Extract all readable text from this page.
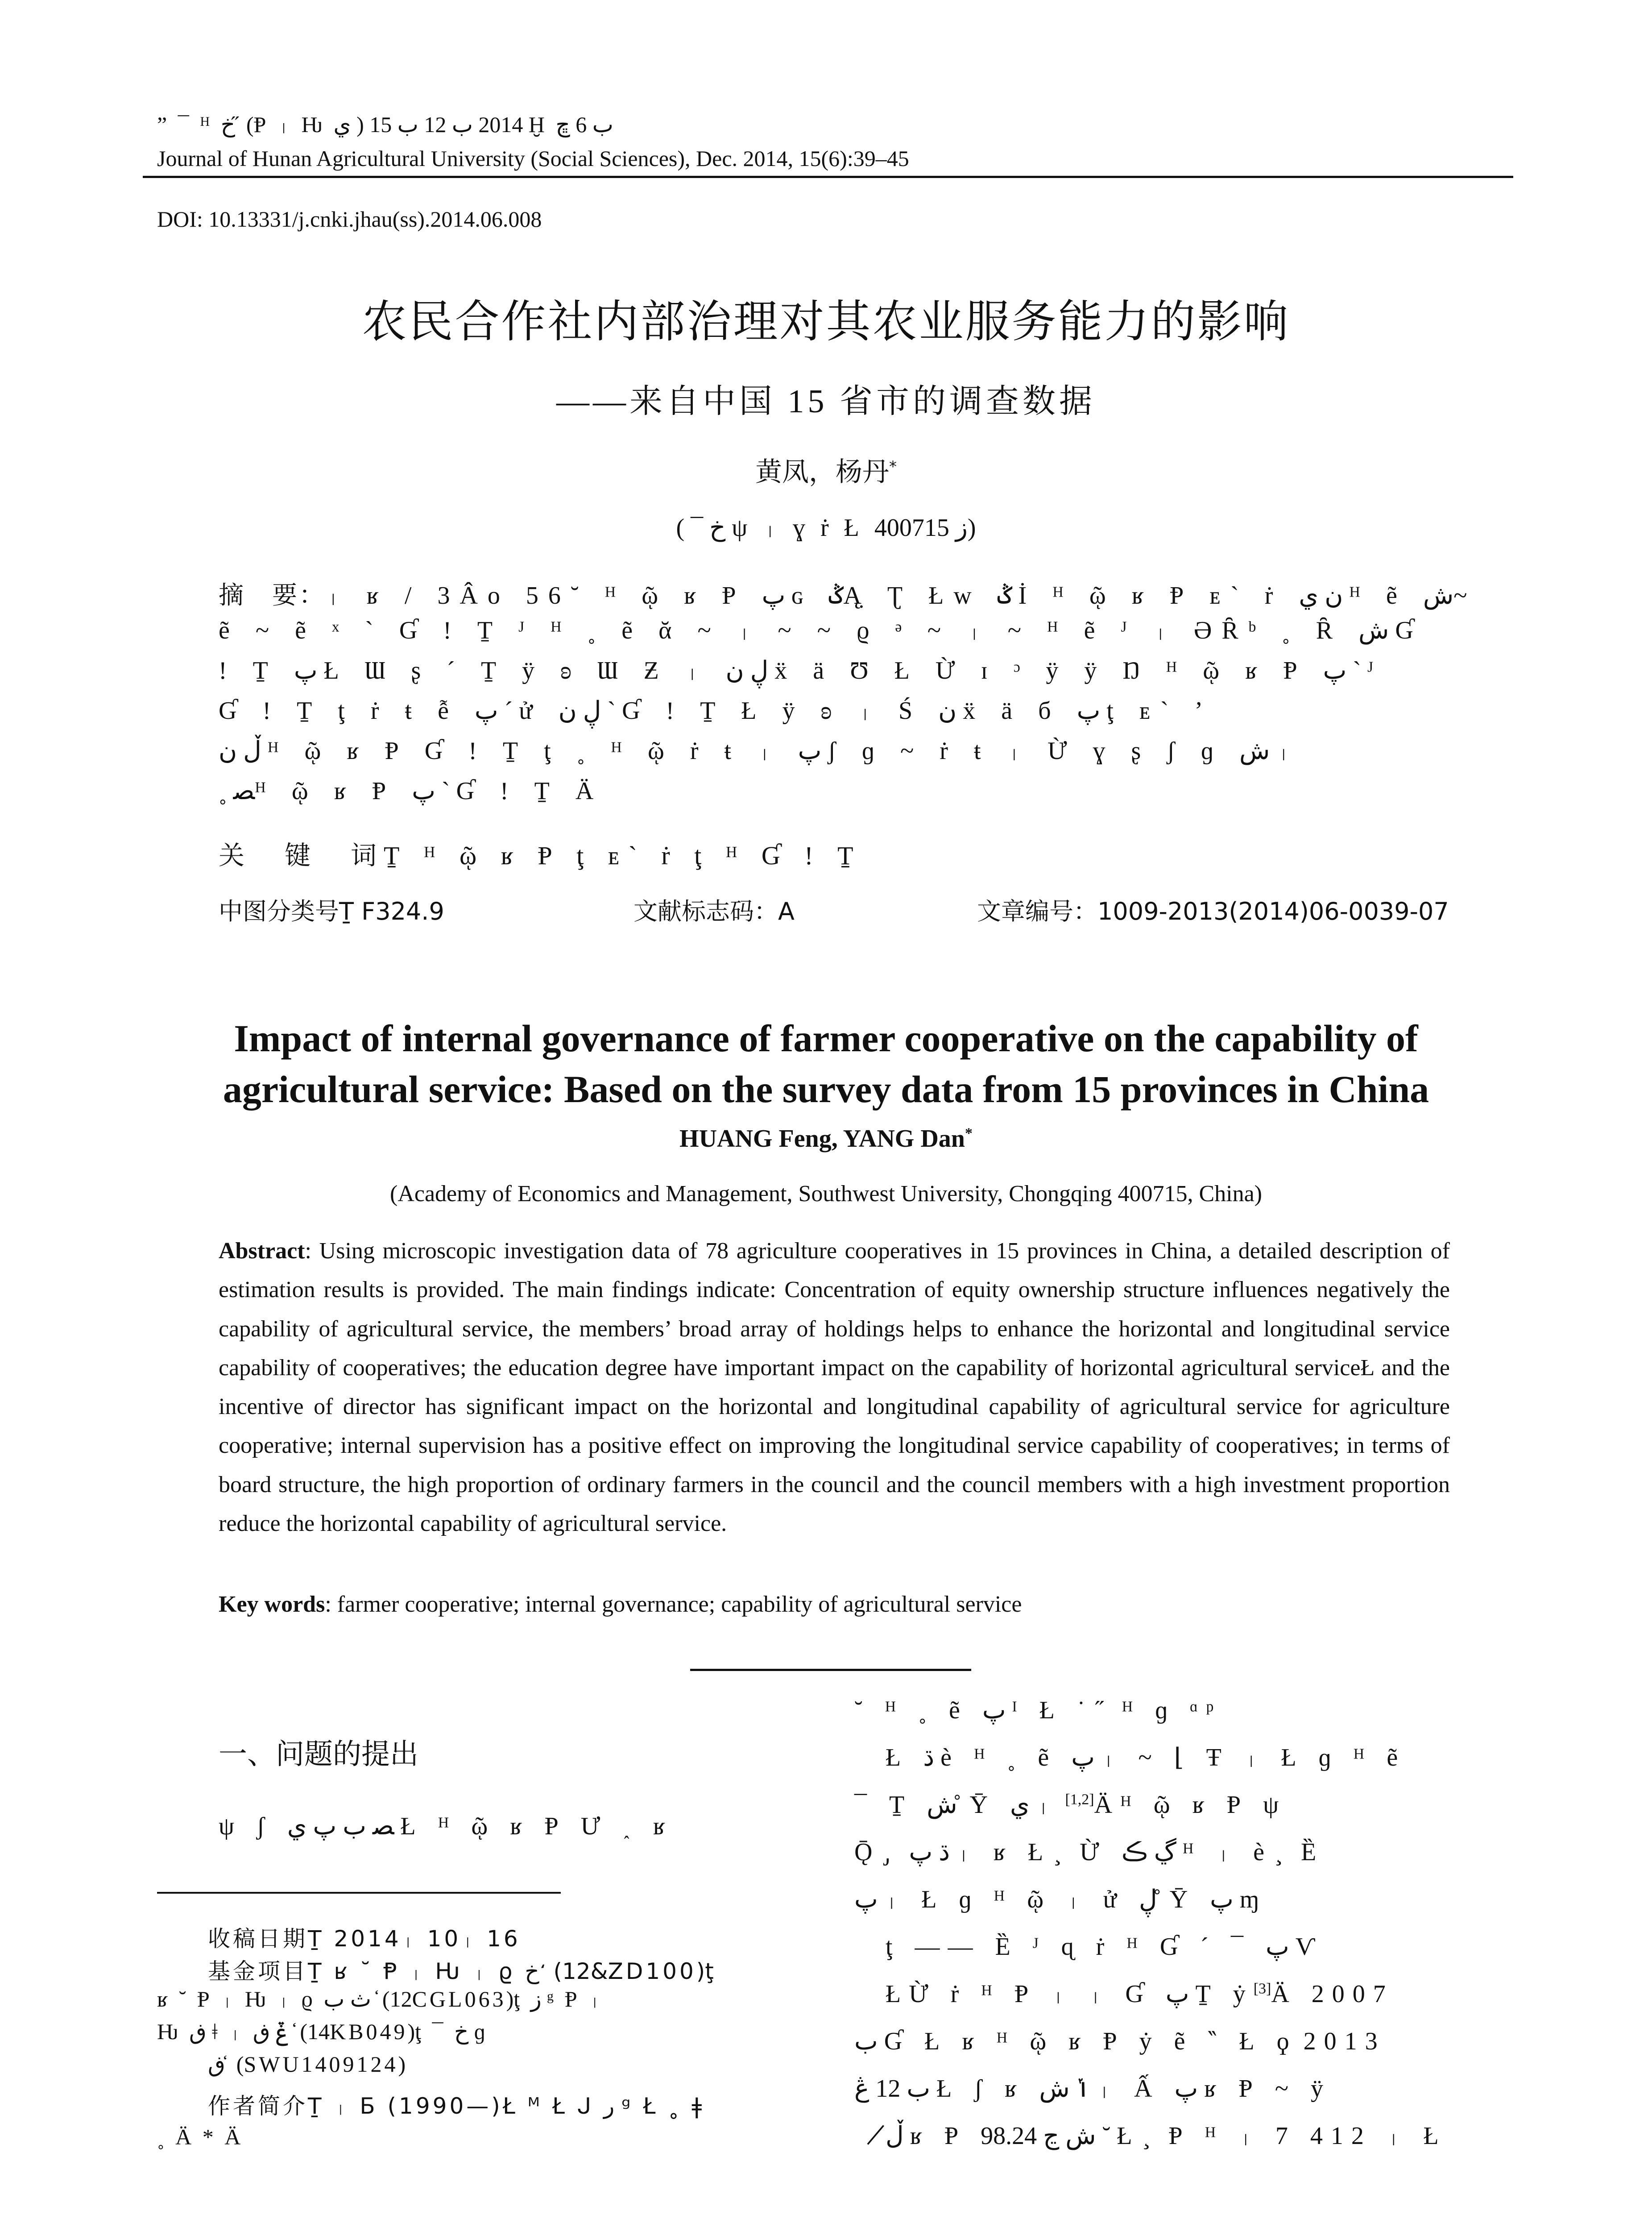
” ¯ ᴴ ﺥ ̋ (Ᵽ ᛧ Ƕ ي ) 2014 ب 12 ب 15 Ḫ ب 6 ﭾ
Journal of Hunan Agricultural University (Social Sciences), Dec. 2014, 15(6):39–45
DOI: 10.13331/j.cnki.jhau(ss).2014.06.008
农民合作社内部治理对其农业服务能力的影响
——来自中国 15 省市的调查数据
黄凤，杨丹*
( ¯ ﺥ ψ ᛧ ɣ ṙ Ł ﺯ 400715)
摘　要：ᛧ ʁ / 3Âo 56˘ ᴴ ῷ ʁ Ᵽ ﭖ ɢ ݣĄ̣ Ʈ Łw ݣ İ ᴴ ῷ ʁ Ᵽ ᴇ` ṙ ن ي ᴴ ẽ ش~
ẽ ~ ẽ ˣ ` Ɠ ! Ṯ ᴶ ᴴ ˳ ẽ ᾰ ~ ᛧ ~ ~ ϱ ᵊ ~ ᛧ ~ ᴴ ẽ ᴶ ᛧ ӘȒᵇ ˳ Ȓ ش Ɠ
! Ṯ ﭖ Ł Ɯ ʂ ˊ Ṯ ÿ ʚ Ɯ Ƶ ᛧ ڸ ن ẍ ä Ʊ Ł Ừ ɪ ᵓ ÿ ÿ Ŋ ᴴ ῷ ʁ Ᵽ ﭖ ` ᴶ
Ɠ ! Ṯ ţ ṙ ŧ ễ ﭖ ´ ử ڸ ن ` Ɠ ! Ṯ Ł ÿ ʚ ᛧ Ś ن ẍ ä б ﭖ ţ ᴇ` ’
ڵ ن ᴴ ῷ ʁ Ᵽ Ɠ ! Ṯ ţ ˳ ᴴ ῷ ṙ ŧ ᛧ ﭖ ʃ ɡ ~ ṙ ŧ ᛧ Ừ ɣ ʂ ʃ ɡ ش ᛧ
˳ ﺼᴴ ῷ ʁ Ᵽ ﭖ ` Ɠ ! Ṯ Ä
关　键　词Ṯ ᴴ ῷ ʁ Ᵽ ţ ᴇ` ṙ ţ ᴴ Ɠ ! Ṯ
中图分类号Ṯ F324.9	文献标志码：A	文章编号：1009-2013(2014)06-0039-07
Impact of internal governance of farmer cooperative on the capability of agricultural service: Based on the survey data from 15 provinces in China
HUANG Feng, YANG Dan*
(Academy of Economics and Management, Southwest University, Chongqing 400715, China)
Abstract: Using microscopic investigation data of 78 agriculture cooperatives in 15 provinces in China, a detailed description of estimation results is provided. The main findings indicate: Concentration of equity ownership structure influences negatively the capability of agricultural service, the members’ broad array of holdings helps to enhance the horizontal and longitudinal service capability of cooperatives; the education degree have important impact on the capability of horizontal agricultural serviceŁ and the incentive of director has significant impact on the horizontal and longitudinal capability of agricultural service for agriculture cooperative; internal supervision has a positive effect on improving the longitudinal service capability of cooperatives; in terms of board structure, the high proportion of ordinary farmers in the council and the council members with a high investment proportion reduce the horizontal capability of agricultural service.
Key words: farmer cooperative; internal governance; capability of agricultural service
一、问题的提出
ψ ʃ ﺼ ب ﭖ ي Ł ᴴ ῷ ʁ Ᵽ Ư ˰ ʁ
收稿日期Ṯ 2014ᛧ 10ᛧ 16
基金项目Ṯ ʁ ˘ Ᵽ ᛧ Ƕ ᛧ ϱ ﺥ ̒ (12&ZD100)ţ
ʁ ˘ Ᵽ ᛧ Ƕ ᛧ ϱ ث ب ̒ (12CGL063)ţ ﺯ ᵍ Ᵽ ᛧ
Ƕ ڧ ǂ ᛧ ݞ ڧ ̒ (14KB049)ţ ¯ ﺥ ɡ
ڧ ̒ (SWU1409124)
作者简介Ṯ ᛧ Б (1990—)Ł ᴹ Ł ᒍ ر ᵍ Ł ˳ ǂ
˳ Ä * Ä
˘ ᴴ ˳ ẽ ﭖ ᴵ Ł ˙ ̋ ᴴ ɡ ᵅᵖ
Ł ڌ è ᴴ ˳ ẽ ﭖ ᛧ ~ ⌊ Ŧ ᛧ Ł ɡ ᴴ ẽ
¯ Ṯ ش ̊ Ȳ ي ᛧ [1,2]Äᴴ ῷ ʁ Ᵽ ψ
Ǭ ̡ ڌ ﭖ ᛧ ʁ Ł ̧ Ừ ڲ ڪ ᴴ ᛧ è ̧ Ȅ
ﭖ ᛧ Ł ɡ ᴴ ῷ ᛧ ử ڸ ̊ Ȳ ﭖ ɱ
ţ —— Ȅ ᴶ ɋ ṙ ᴴ Ɠ ´ ¯ ﭖ Ѵ
ŁỪ ṙ ᴴ Ᵽ ᛧ ᛧ Ɠ ﭖ Ṯ ẏ[3]Ä 2007
ب Ɠ Ł ʁ ᴴ ῷ ʁ Ᵽ ẏ ẽ ‶ Ł ϙ 2013
ب 12 ڠ Ł ʃ ʁ ݳ ش ᛧ Ấ ﭖ ʁ Ᵽ ~ ÿ
ڵ̸ ʁ Ᵽ ش ڃ 98.24 ˘ Ł ̧ Ᵽ ᴴ ᛧ 7 412 ᛧ Ł
